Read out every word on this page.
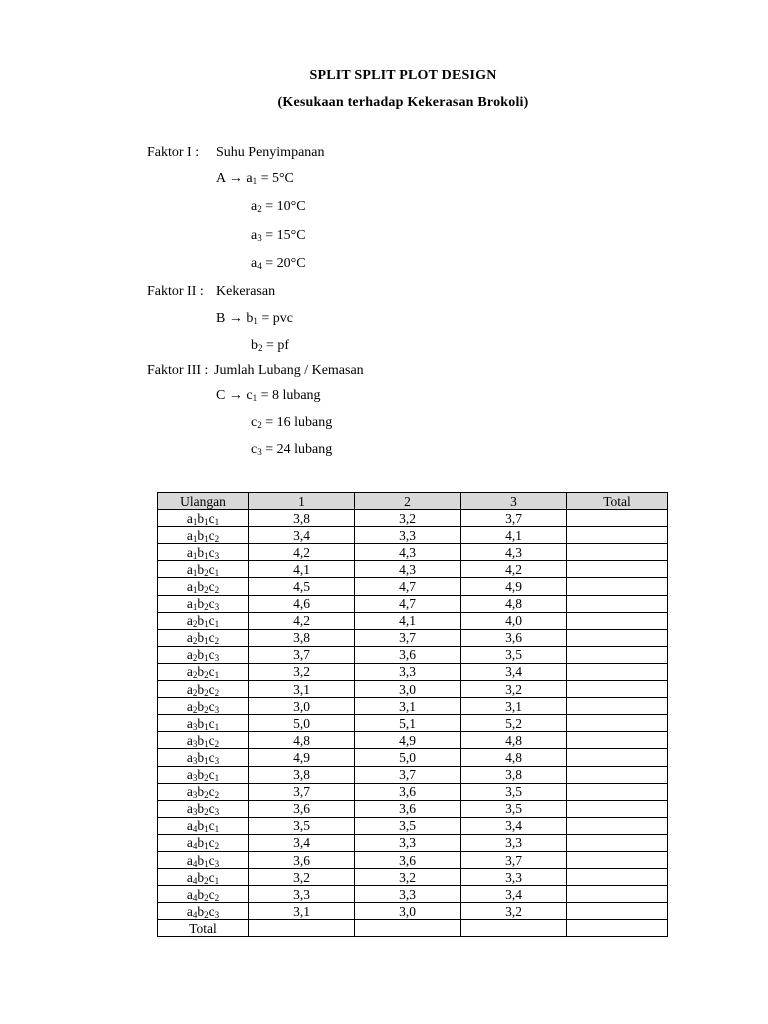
SPLIT SPLIT PLOT DESIGN
(Kesukaan terhadap Kekerasan Brokoli)
Faktor I : Suhu Penyimpanan
$A \to a_1 = 5^\circ C$
$a_2 = 10^\circ C$
$a_3 = 15^\circ C$
$a_4 = 20^\circ C$
Faktor II : Kekerasan
$B \to b_1$ = pvc
$b_2$ = pf
Faktor III : Jumlah Lubang / Kemasan
$C \to c_1 = 8$ lubang
$c_2 = 16$ lubang
$c_3 = 24$ lubang
Ulangan	1	2	3	Total
$a_1b_1c_1$	3,8	3,2	3,7	
$a_1b_1c_2$	3,4	3,3	4,1	
$a_1b_1c_3$	4,2	4,3	4,3	
$a_1b_2c_1$	4,1	4,3	4,2	
$a_1b_2c_2$	4,5	4,7	4,9	
$a_1b_2c_3$	4,6	4,7	4,8	
$a_2b_1c_1$	4,2	4,1	4,0	
$a_2b_1c_2$	3,8	3,7	3,6	
$a_2b_1c_3$	3,7	3,6	3,5	
$a_2b_2c_1$	3,2	3,3	3,4	
$a_2b_2c_2$	3,1	3,0	3,2	
$a_2b_2c_3$	3,0	3,1	3,1	
$a_3b_1c_1$	5,0	5,1	5,2	
$a_3b_1c_2$	4,8	4,9	4,8	
$a_3b_1c_3$	4,9	5,0	4,8	
$a_3b_2c_1$	3,8	3,7	3,8	
$a_3b_2c_2$	3,7	3,6	3,5	
$a_3b_2c_3$	3,6	3,6	3,5	
$a_4b_1c_1$	3,5	3,5	3,4	
$a_4b_1c_2$	3,4	3,3	3,3	
$a_4b_1c_3$	3,6	3,6	3,7	
$a_4b_2c_1$	3,2	3,2	3,3	
$a_4b_2c_2$	3,3	3,3	3,4	
$a_4b_2c_3$	3,1	3,0	3,2	
Total				
